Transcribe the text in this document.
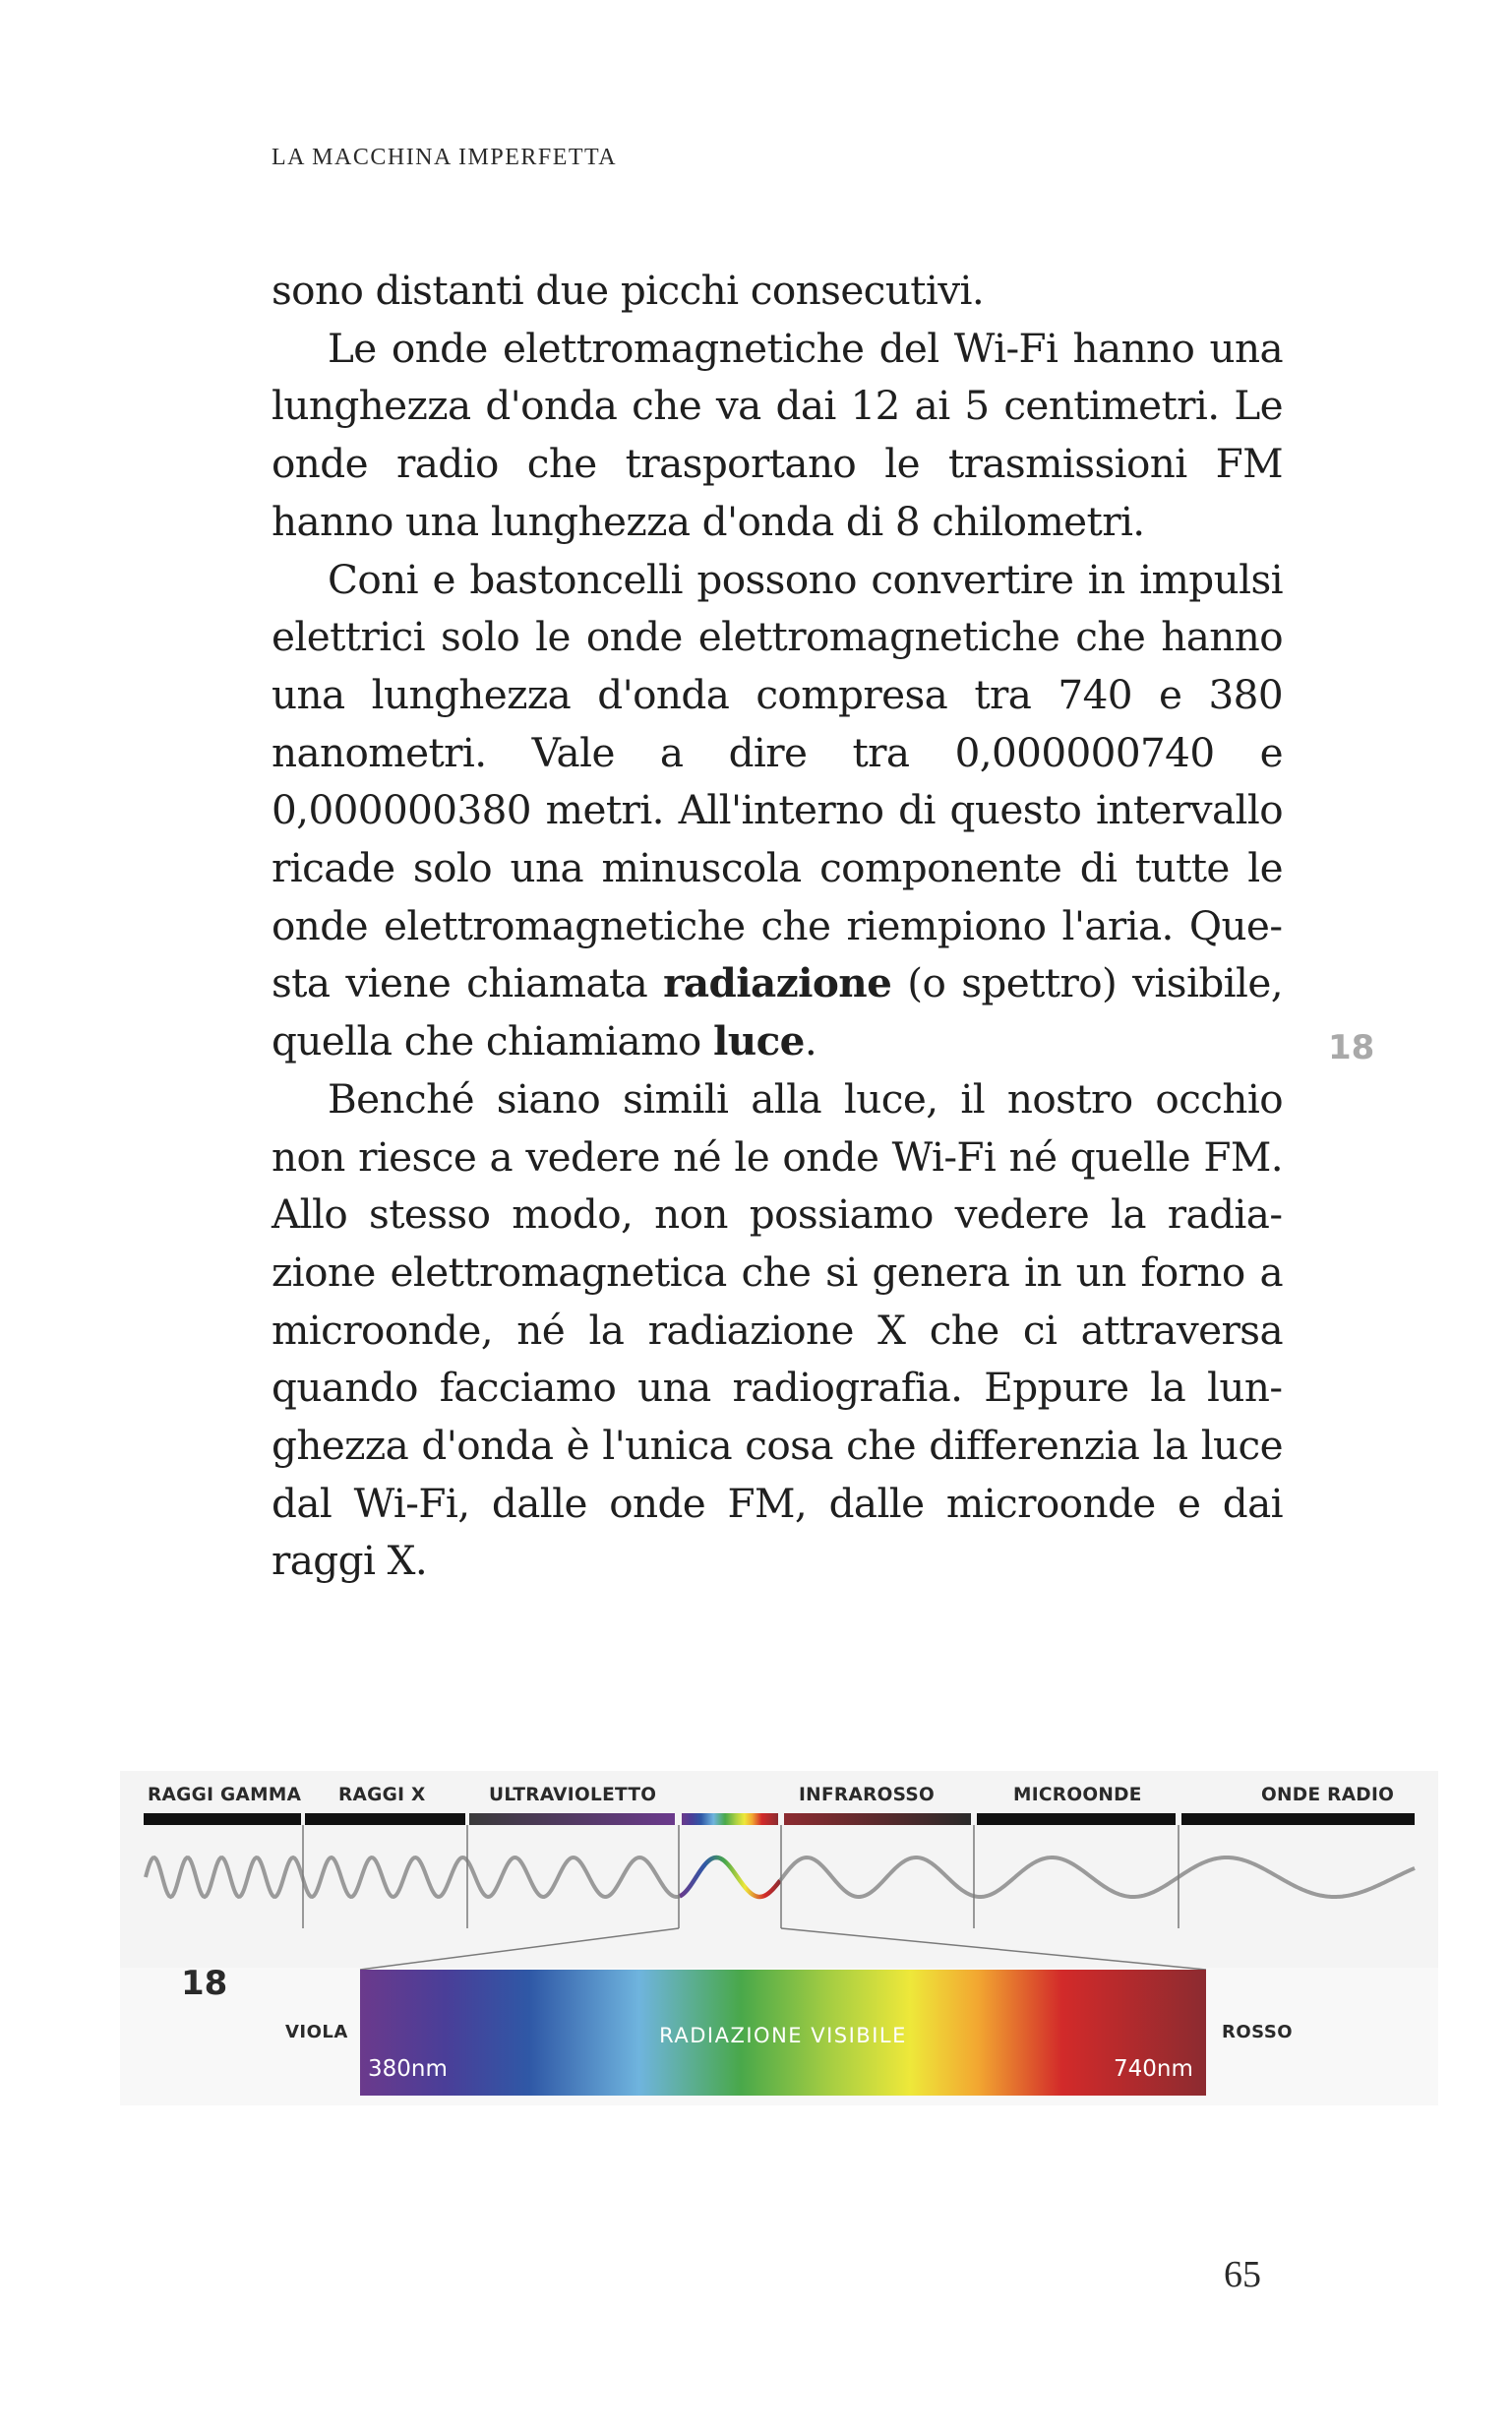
LA MACCHINA IMPERFETTA

sono distanti due picchi consecutivi.

Le onde elettromagnetiche del Wi-Fi hanno una lunghezza d'onda che va dai 12 ai 5 centimetri. Le onde radio che trasportano le trasmissioni FM hanno una lunghezza d'onda di 8 chilometri.

Coni e bastoncelli possono convertire in impulsi elettrici solo le onde elettromagnetiche che hanno una lunghezza d'onda compresa tra 740 e 380 nanometri. Vale a dire tra 0,000000740 e 0,000000380 metri. All'interno di questo intervallo ricade solo una minuscola componente di tutte le onde elettromagnetiche che riempiono l'aria. Questa viene chiamata radiazione (o spettro) visibile, quella che chiamiamo luce.

Benché siano simili alla luce, il nostro occhio non riesce a vedere né le onde Wi-Fi né quelle FM. Allo stesso modo, non possiamo vedere la radiazione elettromagnetica che si genera in un forno a microonde, né la radiazione X che ci attraversa quando facciamo una radiografia. Eppure la lunghezza d'onda è l'unica cosa che differenzia la luce dal Wi-Fi, dalle onde FM, dalle microonde e dai raggi X.

18
RAGGI GAMMA RAGGI X	ULTRAVIOLETTO	INFRAROSSO	MICROONDE	ONDE RADIO
18
VIOLA	ROSSO
RADIAZIONE VISIBILE
380nm	740nm
65
